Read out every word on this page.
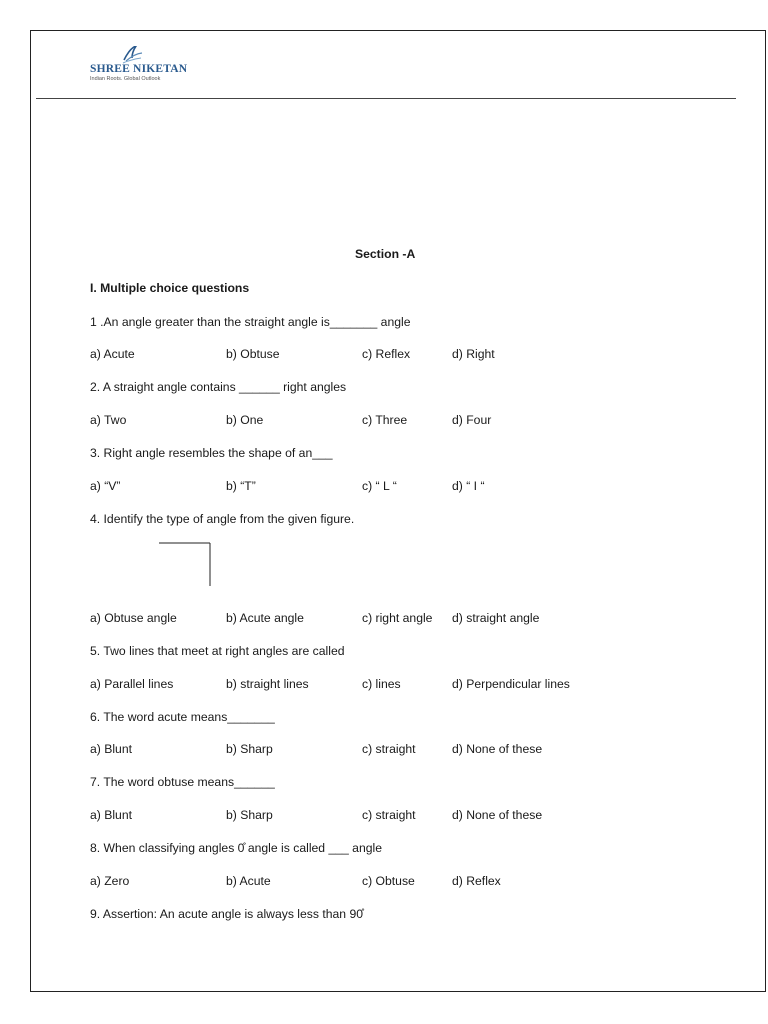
SHREE NIKETAN
Indian Roots. Global Outlook
Section -A
I. Multiple choice questions
1 .An angle greater than the straight angle is_______ angle
a) Acute	b) Obtuse	c) Reflex	d) Right
2. A straight angle contains ______ right angles
a) Two	b) One	c) Three	d) Four
3. Right angle resembles the shape of an___
a) “V”	b) “T”	c) “ L “	d) “ I “
4. Identify the type of angle from the given figure.
a) Obtuse angle	b) Acute angle	c) right angle d) straight angle
5. Two lines that meet at right angles are called
a) Parallel lines	b) straight lines	c) lines	d) Perpendicular lines
6. The word acute means_______
a) Blunt	b) Sharp	c) straight	d) None of these
7. The word obtuse means______
a) Blunt	b) Sharp	c) straight	d) None of these
8. When classifying angles 0̊ angle is called ___ angle
a) Zero	b) Acute	c) Obtuse	d) Reflex
9. Assertion: An acute angle is always less than 90̊
